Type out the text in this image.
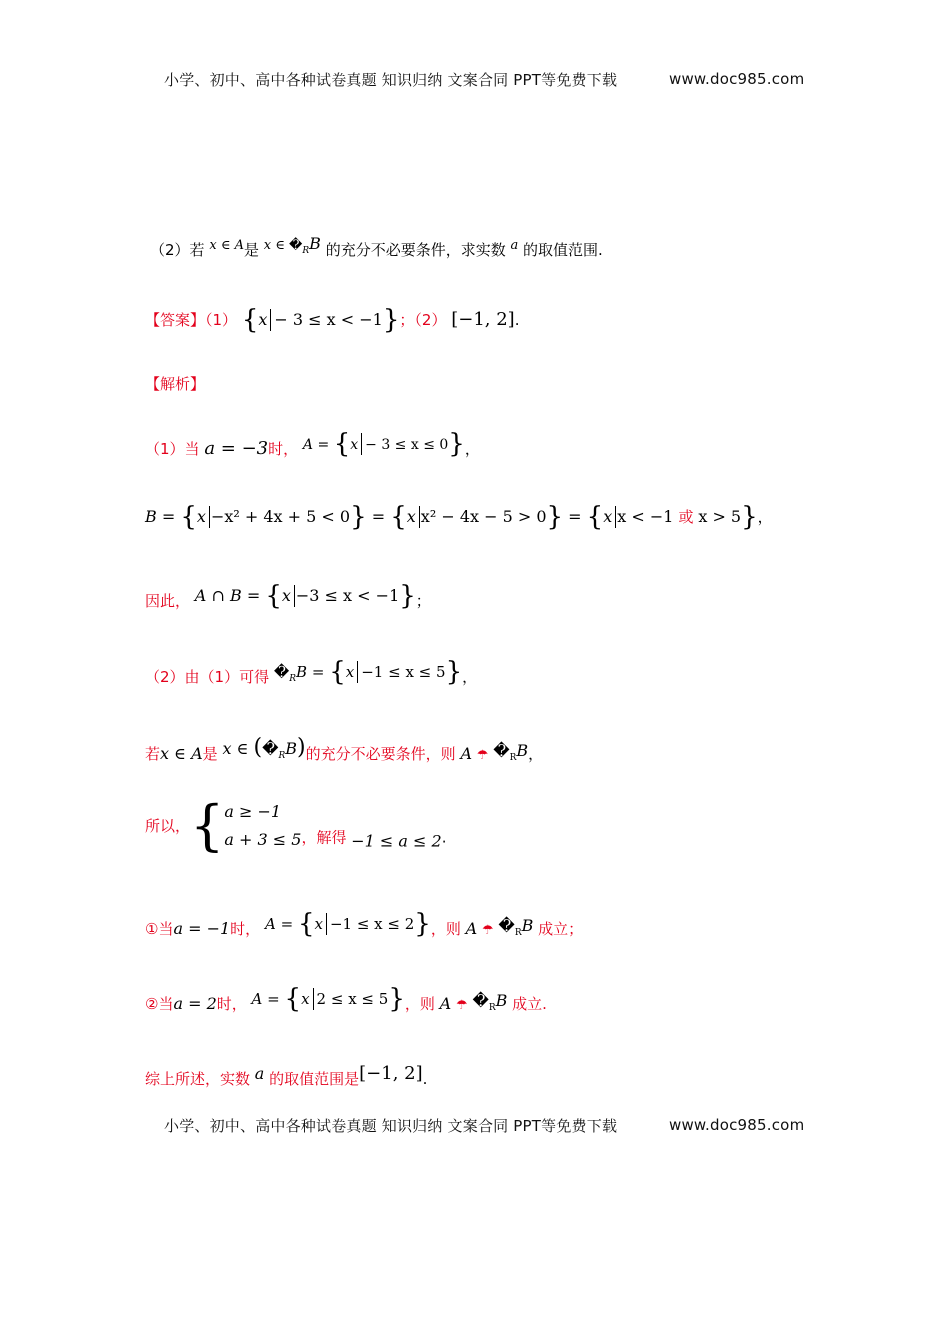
小学、初中、高中各种试卷真题 知识归纳 文案合同 PPT等免费下载	www.doc985.com
（2）若 x ∈ A是 x ∈ $�_RB$ 的充分不必要条件，求实数 a 的取值范围.
【答案】（1） {x − 3 ≤ x < −1}；（2） [−1, 2].
【解析】
（1）当 a = −3时， A = {x − 3 ≤ x ≤ 0}，
B = {x −x² + 4x + 5 < 0} = {x x² − 4x − 5 > 0} = {x x < −1 或 x > 5}，
因此， A ∩ B = {x −3 ≤ x < −1}；
（2）由（1）可得 $�_RB = \{x -1 \le x \le 5\}$，
若x ∈ A是 x ∈ $(�_RB)$的充分不必要条件，则 A ☂ $�_RB$，
所以，{a ≥ −1
a + 3 ≤ 5，解得 −1 ≤ a ≤ 2.
①当a = −1时， A = {x −1 ≤ x ≤ 2}，则 A ☂ $�_RB$ 成立；
②当a = 2时， A = {x 2 ≤ x ≤ 5}，则 A ☂ $�_RB$ 成立.
综上所述，实数 a 的取值范围是[−1, 2].
小学、初中、高中各种试卷真题 知识归纳 文案合同 PPT等免费下载	www.doc985.com
